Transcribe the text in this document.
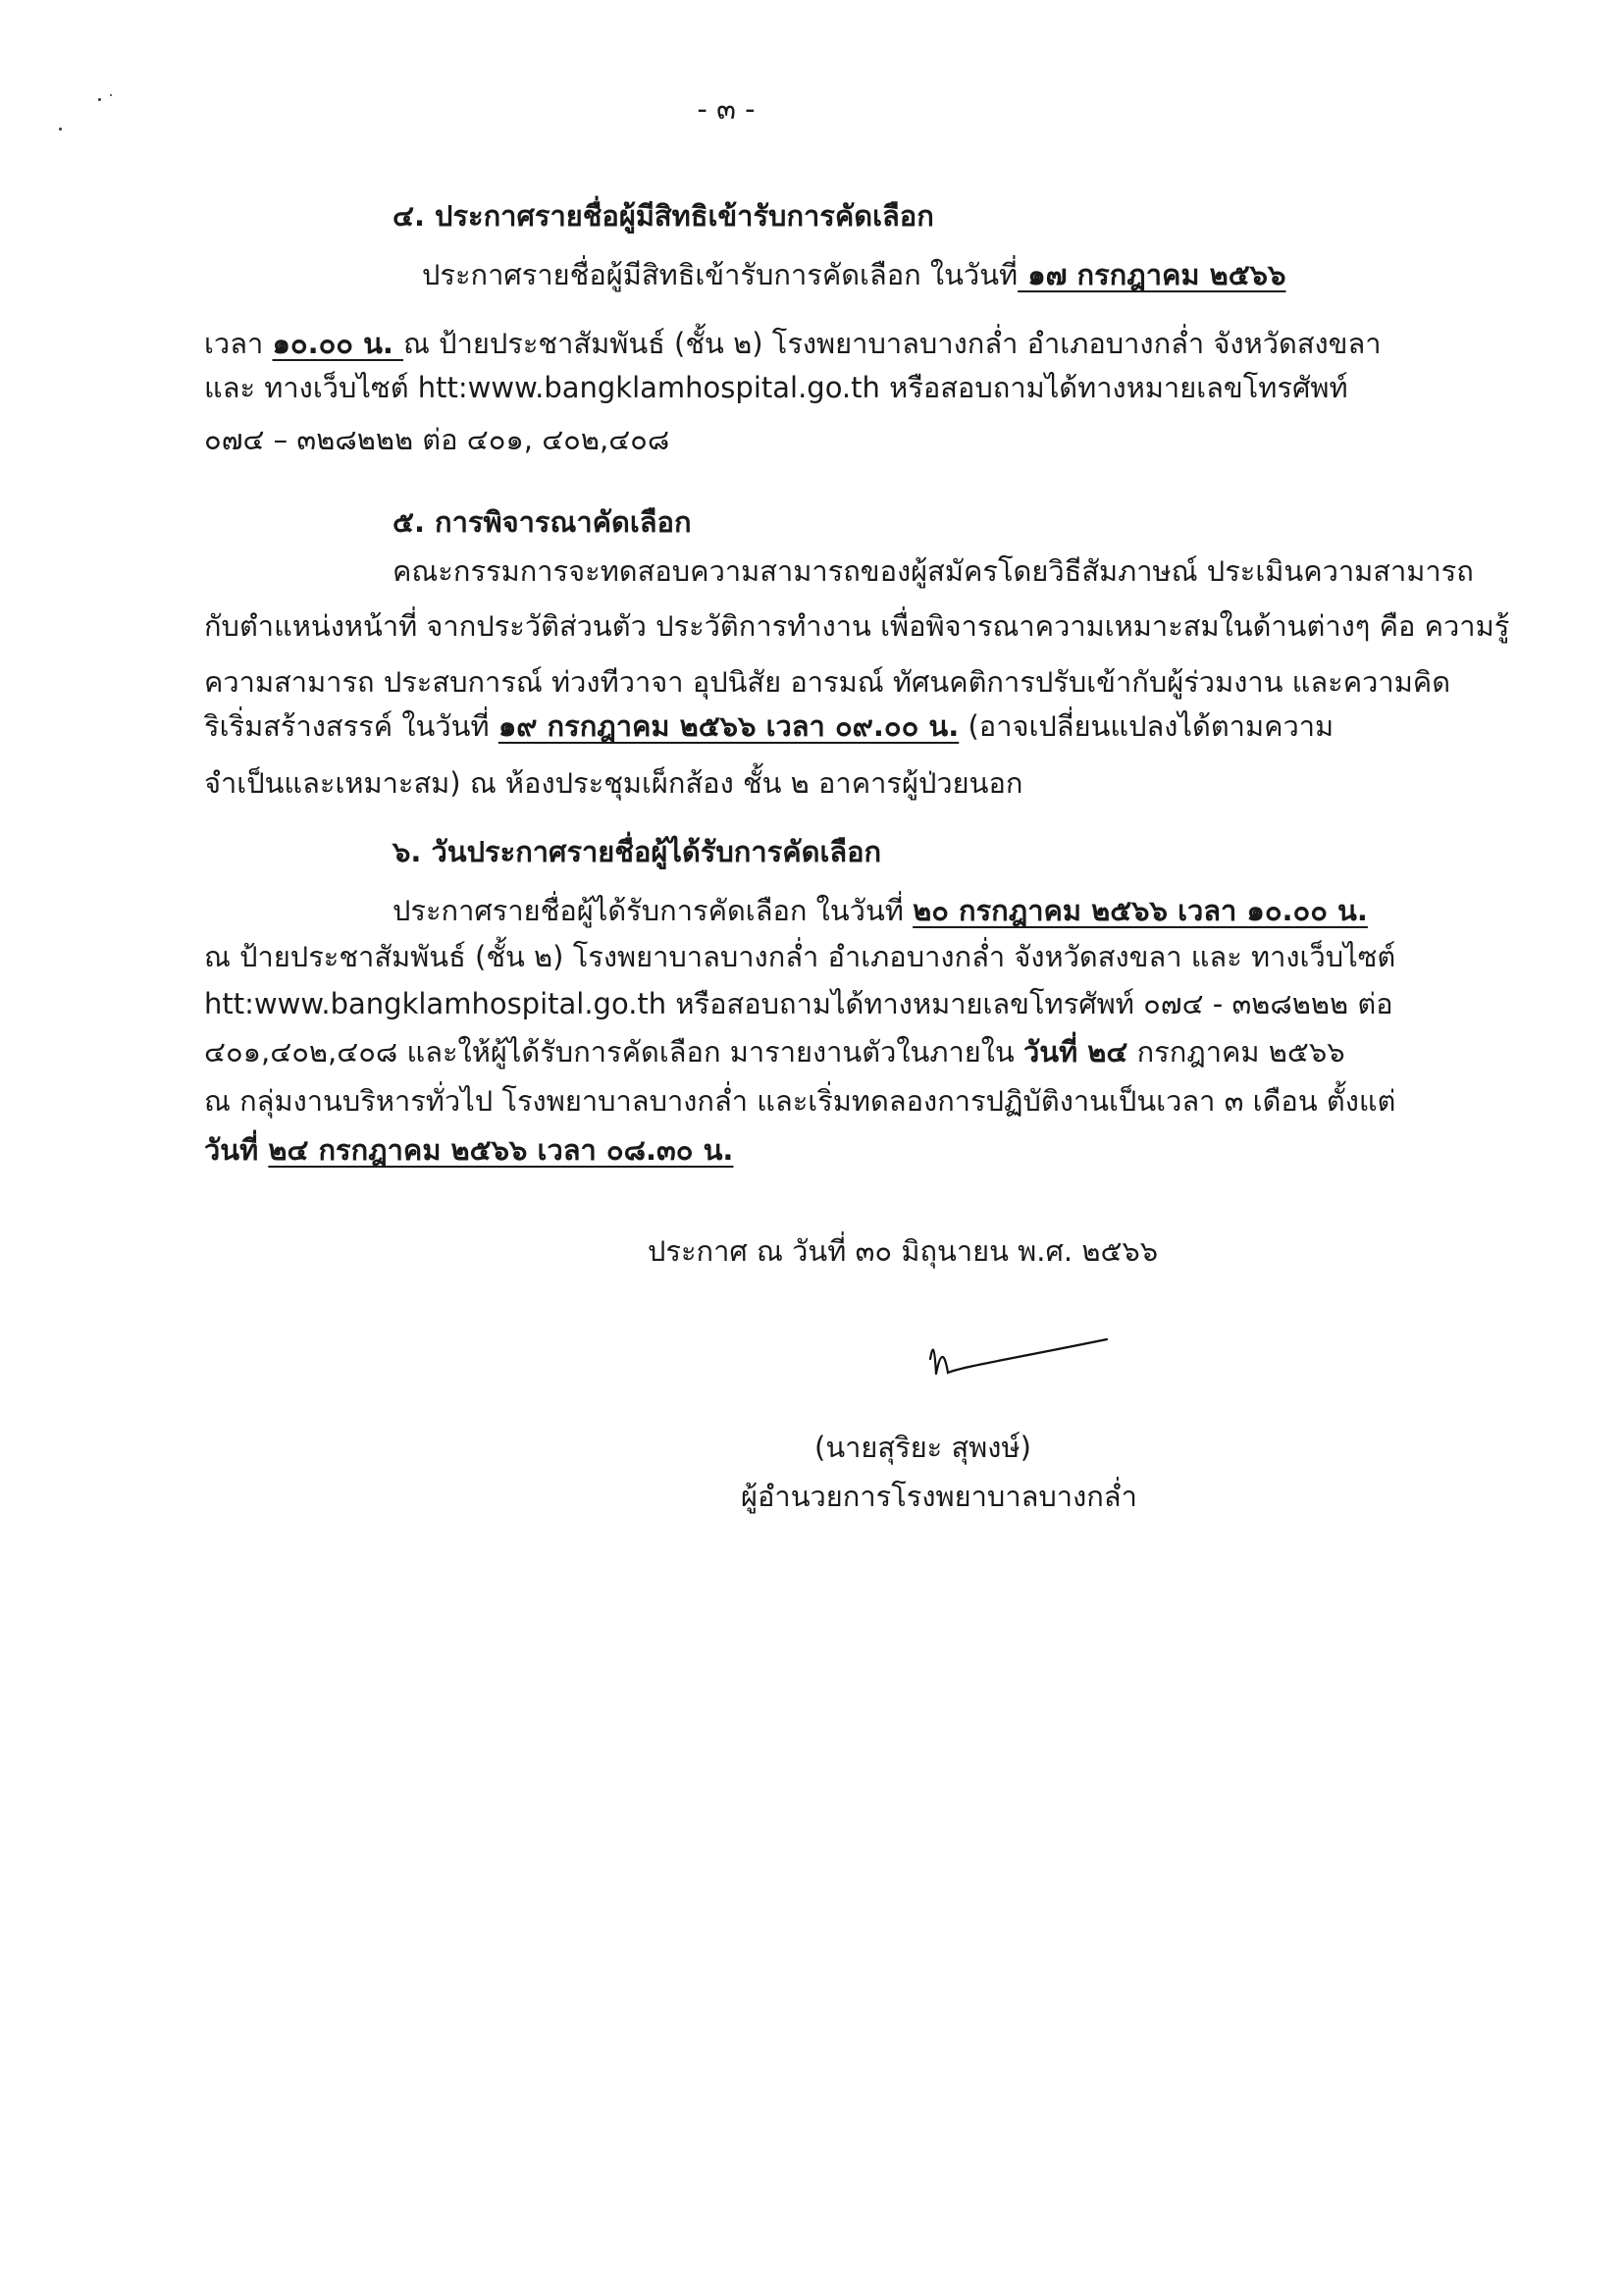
- ๓ -
๔. ประกาศรายชื่อผู้มีสิทธิเข้ารับการคัดเลือก
ประกาศรายชื่อผู้มีสิทธิเข้ารับการคัดเลือก ในวันที่ ๑๗ กรกฎาคม ๒๕๖๖
เวลา ๑๐.๐๐ น. ณ ป้ายประชาสัมพันธ์ (ชั้น ๒) โรงพยาบาลบางกล่ำ อำเภอบางกล่ำ จังหวัดสงขลา
และ ทางเว็บไซต์ htt:www.bangklamhospital.go.th หรือสอบถามได้ทางหมายเลขโทรศัพท์
๐๗๔ – ๓๒๘๒๒๒ ต่อ ๔๐๑, ๔๐๒,๔๐๘
๕. การพิจารณาคัดเลือก
คณะกรรมการจะทดสอบความสามารถของผู้สมัครโดยวิธีสัมภาษณ์ ประเมินความสามารถ
กับตำแหน่งหน้าที่ จากประวัติส่วนตัว ประวัติการทำงาน เพื่อพิจารณาความเหมาะสมในด้านต่างๆ คือ ความรู้
ความสามารถ ประสบการณ์ ท่วงทีวาจา อุปนิสัย อารมณ์ ทัศนคติการปรับเข้ากับผู้ร่วมงาน และความคิด
ริเริ่มสร้างสรรค์ ในวันที่ ๑๙ กรกฎาคม ๒๕๖๖ เวลา ๐๙.๐๐ น. (อาจเปลี่ยนแปลงได้ตามความ
จำเป็นและเหมาะสม) ณ ห้องประชุมเผ็กส้อง ชั้น ๒ อาคารผู้ป่วยนอก
๖. วันประกาศรายชื่อผู้ได้รับการคัดเลือก
ประกาศรายชื่อผู้ได้รับการคัดเลือก ในวันที่ ๒๐ กรกฎาคม ๒๕๖๖ เวลา ๑๐.๐๐ น.
ณ ป้ายประชาสัมพันธ์ (ชั้น ๒) โรงพยาบาลบางกล่ำ อำเภอบางกล่ำ จังหวัดสงขลา และ ทางเว็บไซต์
htt:www.bangklamhospital.go.th หรือสอบถามได้ทางหมายเลขโทรศัพท์ ๐๗๔ - ๓๒๘๒๒๒ ต่อ
๔๐๑,๔๐๒,๔๐๘ และให้ผู้ได้รับการคัดเลือก มารายงานตัวในภายใน วันที่ ๒๔ กรกฎาคม ๒๕๖๖
ณ กลุ่มงานบริหารทั่วไป โรงพยาบาลบางกล่ำ และเริ่มทดลองการปฏิบัติงานเป็นเวลา ๓ เดือน ตั้งแต่
วันที่ ๒๔ กรกฎาคม ๒๕๖๖ เวลา ๐๘.๓๐ น.
ประกาศ ณ วันที่ ๓๐ มิถุนายน พ.ศ. ๒๕๖๖
(นายสุริยะ สุพงษ์)
ผู้อำนวยการโรงพยาบาลบางกล่ำ
